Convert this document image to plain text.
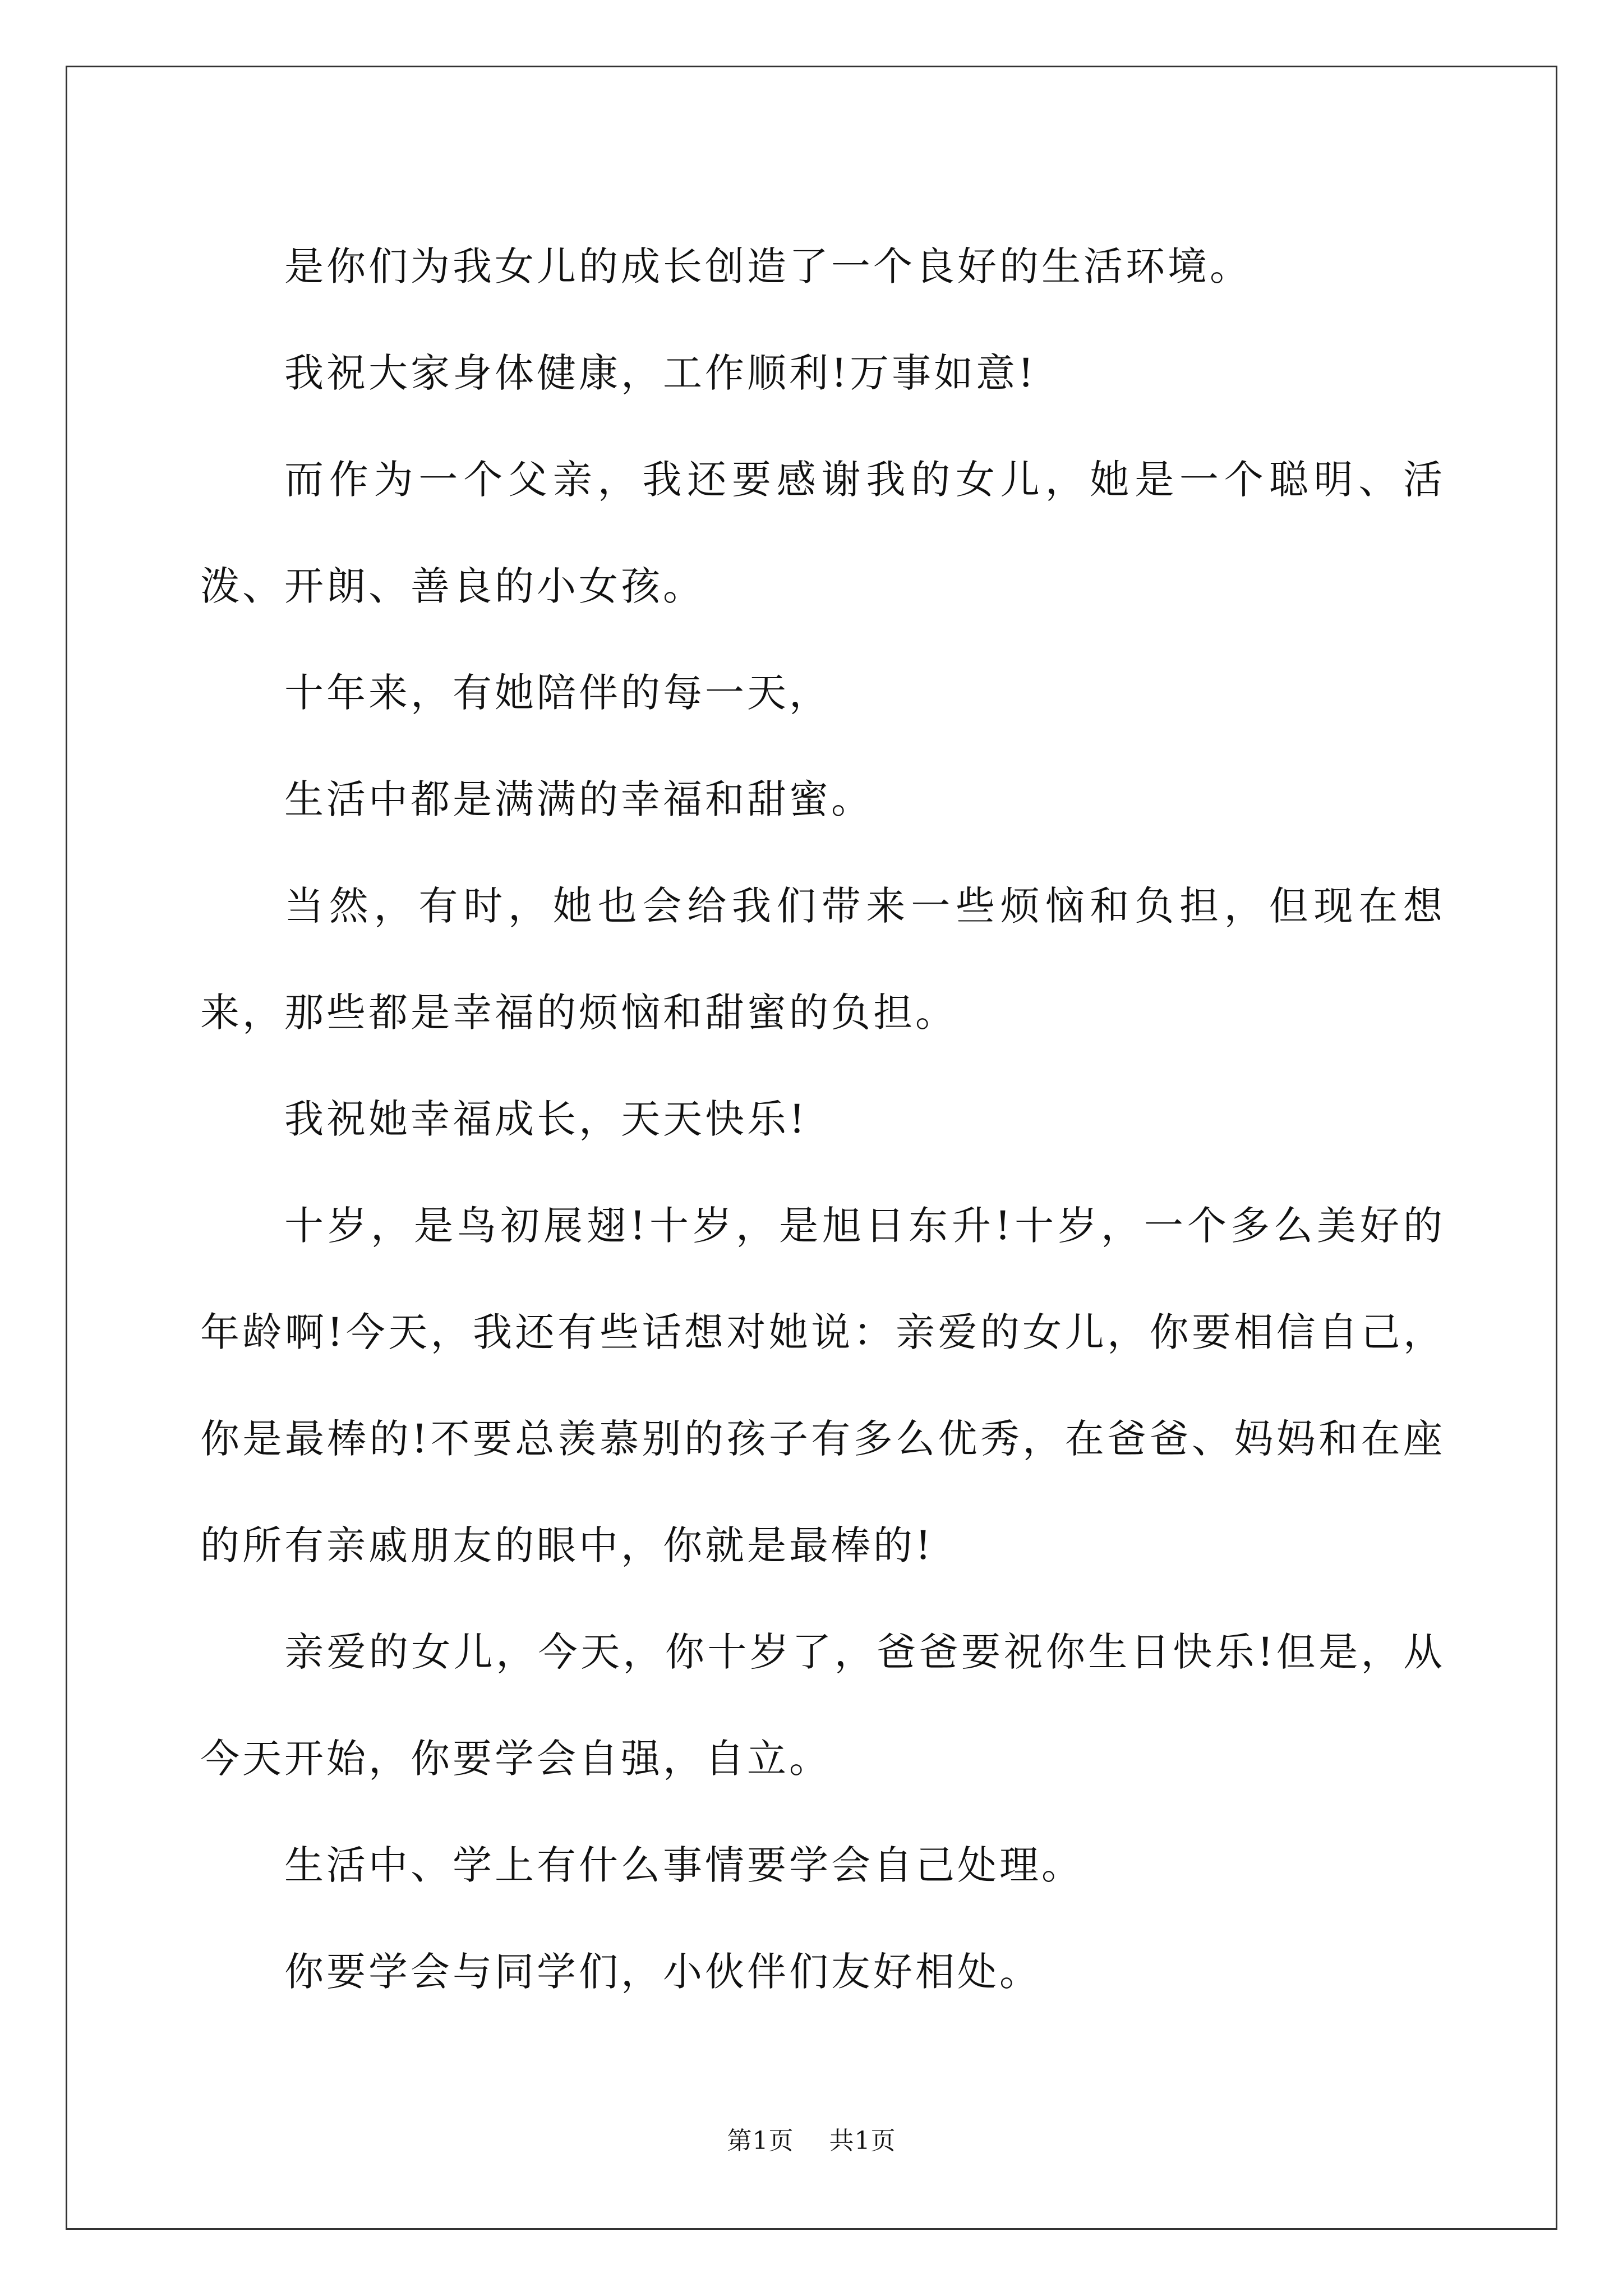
是你们为我女儿的成长创造了一个良好的生活环境。

我祝大家身体健康，工作顺利!万事如意!

而作为一个父亲，我还要感谢我的女儿，她是一个聪明、活泼、开朗、善良的小女孩。

十年来，有她陪伴的每一天，

生活中都是满满的幸福和甜蜜。

当然，有时，她也会给我们带来一些烦恼和负担，但现在想来，那些都是幸福的烦恼和甜蜜的负担。

我祝她幸福成长，天天快乐!

十岁，是鸟初展翅!十岁，是旭日东升!十岁，一个多么美好的年龄啊!今天，我还有些话想对她说：亲爱的女儿，你要相信自己，你是最棒的!不要总羡慕别的孩子有多么优秀，在爸爸、妈妈和在座的所有亲戚朋友的眼中，你就是最棒的!

亲爱的女儿，今天，你十岁了，爸爸要祝你生日快乐!但是，从今天开始，你要学会自强，自立。

生活中、学上有什么事情要学会自己处理。

你要学会与同学们，小伙伴们友好相处。

第1页 共1页
